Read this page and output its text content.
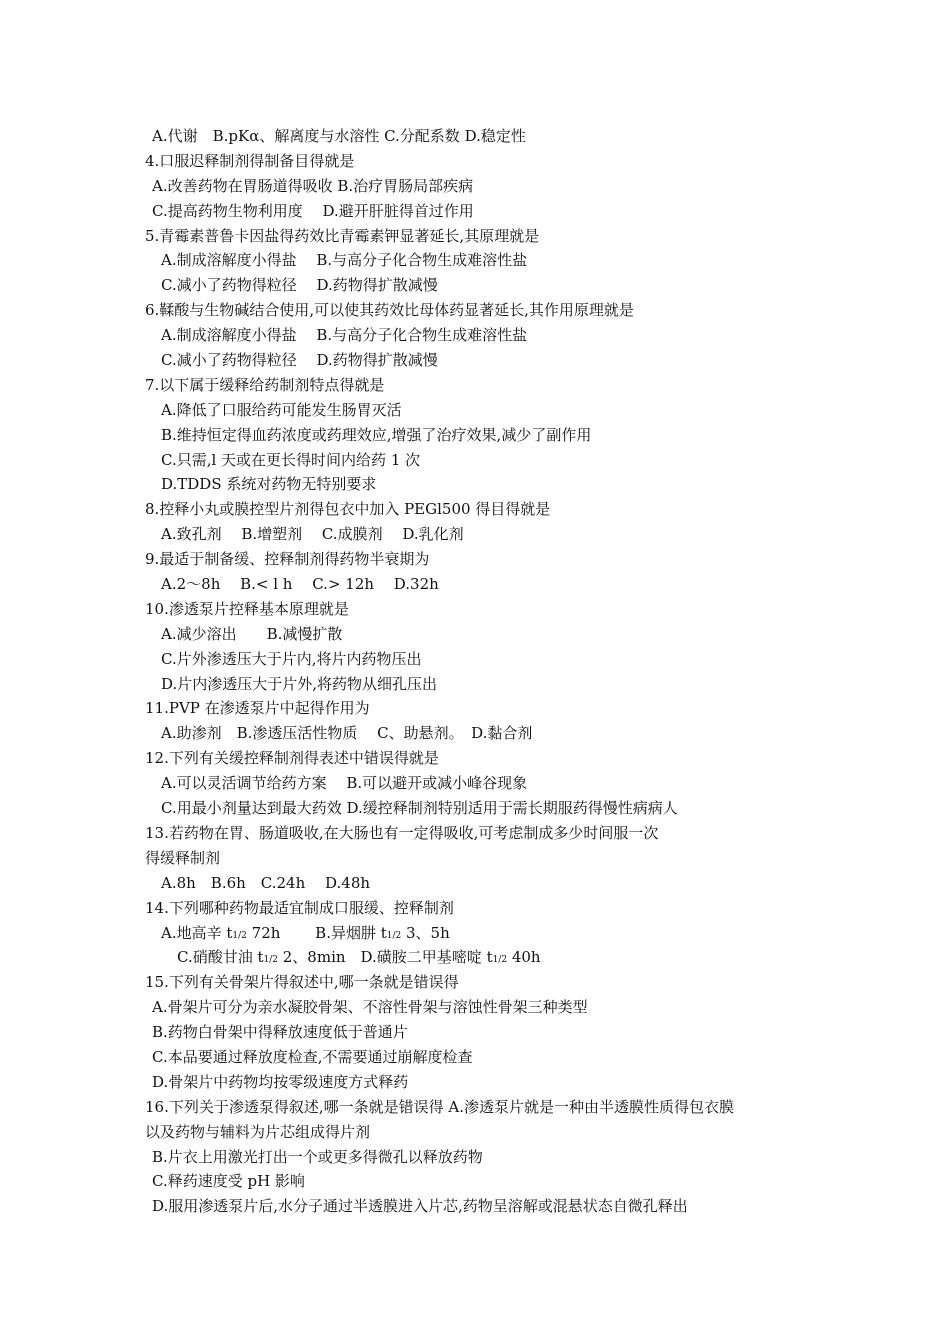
A.代谢　B.pKα、解离度与水溶性 C.分配系数 D.稳定性
4.口服迟释制剂得制备目得就是
A.改善药物在胃肠道得吸收 B.治疗胃肠局部疾病
C.提高药物生物利用度　 D.避开肝脏得首过作用
5.青霉素普鲁卡因盐得药效比青霉素钾显著延长,其原理就是
A.制成溶解度小得盐　 B.与高分子化合物生成难溶性盐
C.减小了药物得粒径　 D.药物得扩散减慢
6.鞣酸与生物碱结合使用,可以使其药效比母体药显著延长,其作用原理就是
A.制成溶解度小得盐　 B.与高分子化合物生成难溶性盐
C.减小了药物得粒径　 D.药物得扩散减慢
7.以下属于缓释给药制剂特点得就是
A.降低了口服给药可能发生肠胃灭活
B.维持恒定得血药浓度或药理效应,增强了治疗效果,减少了副作用
C.只需,l 天或在更长得时间内给药 1 次
D.TDDS 系统对药物无特别要求
8.控释小丸或膜控型片剂得包衣中加入 PEGl500 得目得就是
A.致孔剂　 B.增塑剂　 C.成膜剂　 D.乳化剂
9.最适于制备缓、控释制剂得药物半衰期为
A.2～8h　 B.< l h　 C.> 12h　 D.32h
10.渗透泵片控释基本原理就是
A.减少溶出　　B.减慢扩散
C.片外渗透压大于片内,将片内药物压出
D.片内渗透压大于片外,将药物从细孔压出
11.PVP 在渗透泵片中起得作用为
A.助渗剂　B.渗透压活性物质　 C、助悬剂。　D.黏合剂
12.下列有关缓控释制剂得表述中错误得就是
A.可以灵活调节给药方案　 B.可以避开或减小峰谷现象
C.用最小剂量达到最大药效 D.缓控释制剂特别适用于需长期服药得慢性病病人
13.若药物在胃、肠道吸收,在大肠也有一定得吸收,可考虑制成多少时间服一次
得缓释制剂
A.8h　B.6h　C.24h　 D.48h
14.下列哪种药物最适宜制成口服缓、控释制剂
A.地高辛 t1/2 72h　　 B.异烟肼 t1/2 3、5h
C.硝酸甘油 t1/2 2、8min　D.磺胺二甲基嘧啶 t1/2 40h
15.下列有关骨架片得叙述中,哪一条就是错误得
A.骨架片可分为亲水凝胶骨架、不溶性骨架与溶蚀性骨架三种类型
B.药物白骨架中得释放速度低于普通片
C.本品要通过释放度检查,不需要通过崩解度检查
D.骨架片中药物均按零级速度方式释药
16.下列关于渗透泵得叙述,哪一条就是错误得 A.渗透泵片就是一种由半透膜性质得包衣膜
以及药物与辅料为片芯组成得片剂
B.片衣上用激光打出一个或更多得微孔以释放药物
C.释药速度受 pH 影响
D.服用渗透泵片后,水分子通过半透膜进入片芯,药物呈溶解或混悬状态自微孔释出
